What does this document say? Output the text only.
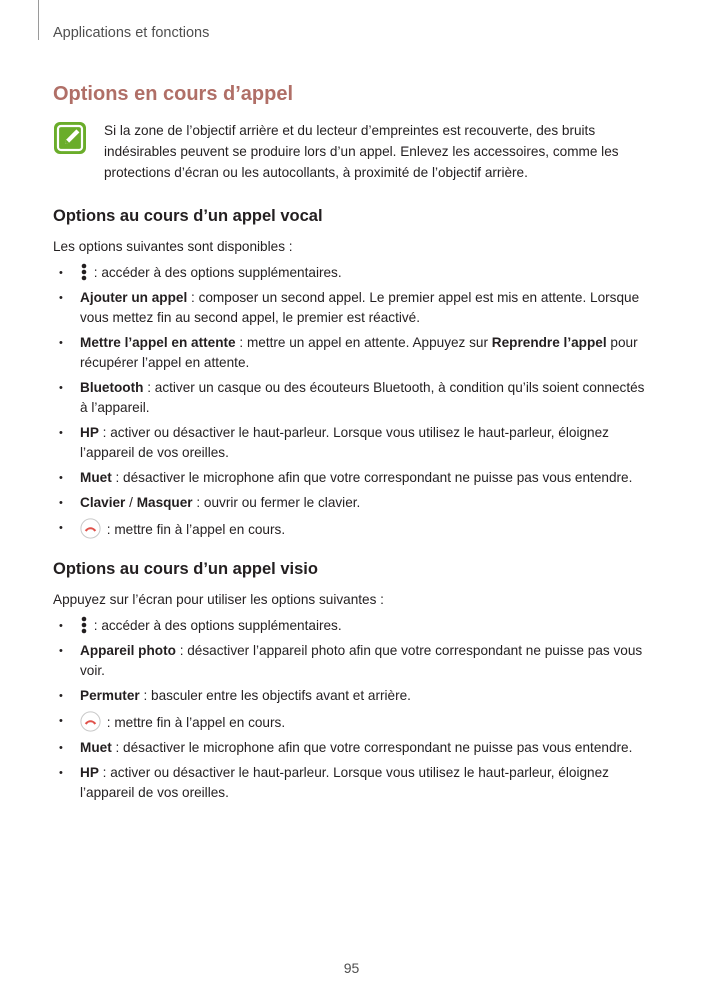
Applications et fonctions
Options en cours d’appel
Si la zone de l’objectif arrière et du lecteur d’empreintes est recouverte, des bruits indésirables peuvent se produire lors d’un appel. Enlevez les accessoires, comme les protections d’écran ou les autocollants, à proximité de l’objectif arrière.
Options au cours d’un appel vocal
Les options suivantes sont disponibles :
• : accéder à des options supplémentaires.
• Ajouter un appel : composer un second appel. Le premier appel est mis en attente. Lorsque vous mettez fin au second appel, le premier est réactivé.
• Mettre l’appel en attente : mettre un appel en attente. Appuyez sur Reprendre l’appel pour récupérer l’appel en attente.
• Bluetooth : activer un casque ou des écouteurs Bluetooth, à condition qu’ils soient connectés à l’appareil.
• HP : activer ou désactiver le haut-parleur. Lorsque vous utilisez le haut-parleur, éloignez l’appareil de vos oreilles.
• Muet : désactiver le microphone afin que votre correspondant ne puisse pas vous entendre.
• Clavier / Masquer : ouvrir ou fermer le clavier.
• : mettre fin à l’appel en cours.
Options au cours d’un appel visio
Appuyez sur l’écran pour utiliser les options suivantes :
• : accéder à des options supplémentaires.
• Appareil photo : désactiver l’appareil photo afin que votre correspondant ne puisse pas vous voir.
• Permuter : basculer entre les objectifs avant et arrière.
• : mettre fin à l’appel en cours.
• Muet : désactiver le microphone afin que votre correspondant ne puisse pas vous entendre.
• HP : activer ou désactiver le haut-parleur. Lorsque vous utilisez le haut-parleur, éloignez l’appareil de vos oreilles.
95
